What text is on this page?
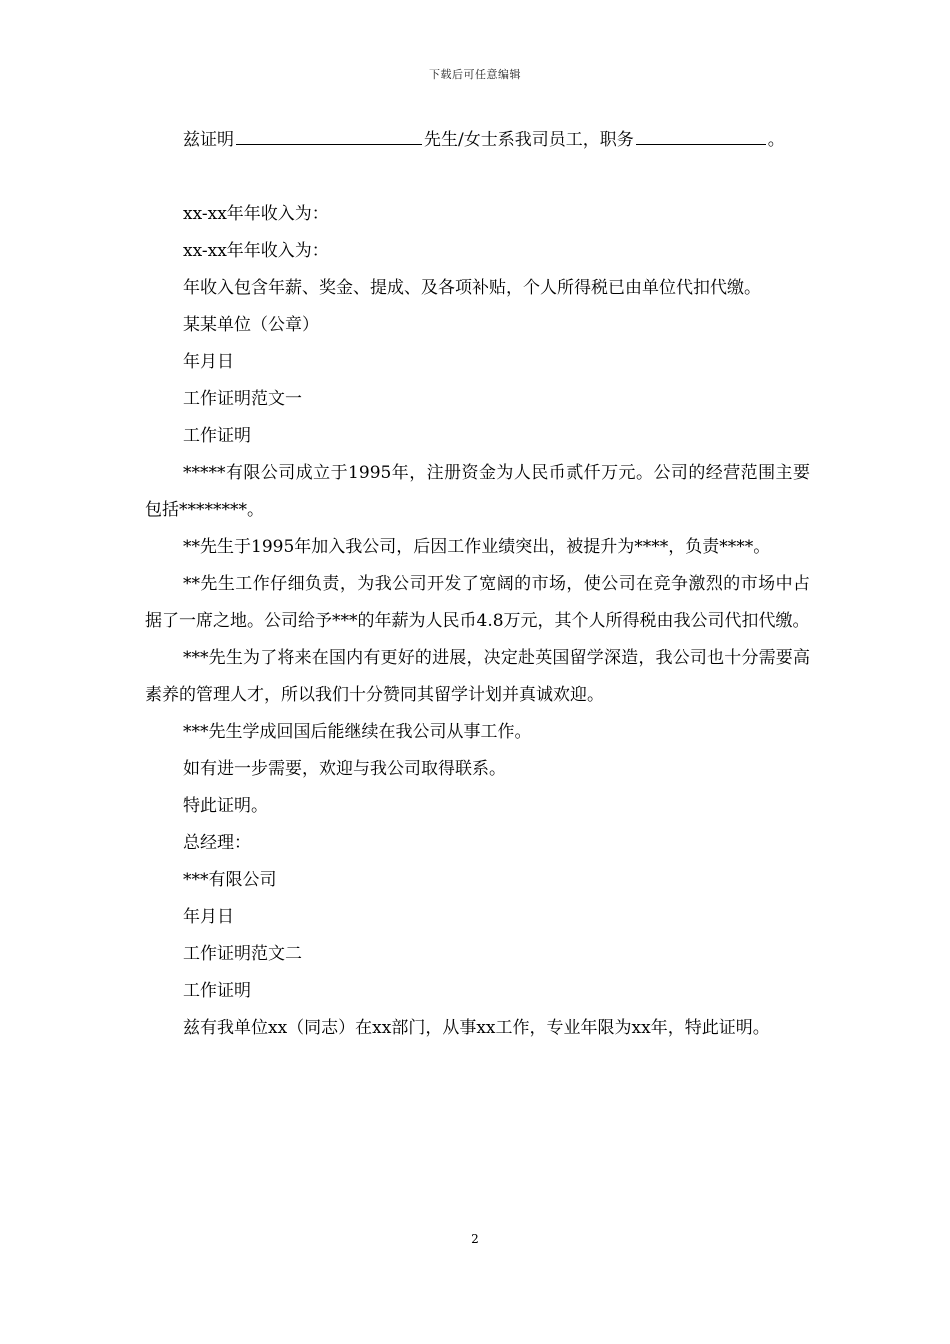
下载后可任意编辑

兹证明	先生/女士系我司员工，职务	。

xx-xx年年收入为：

xx-xx年年收入为：

年收入包含年薪、奖金、提成、及各项补贴，个人所得税已由单位代扣代缴。

某某单位（公章）

年月日

工作证明范文一

工作证明

*****有限公司成立于1995年，注册资金为人民币贰仟万元。公司的经营范围主要包括********。

**先生于1995年加入我公司，后因工作业绩突出，被提升为****，负责****。

**先生工作仔细负责，为我公司开发了宽阔的市场，使公司在竞争激烈的市场中占据了一席之地。公司给予***的年薪为人民币4.8万元，其个人所得税由我公司代扣代缴。

***先生为了将来在国内有更好的进展，决定赴英国留学深造，我公司也十分需要高素养的管理人才，所以我们十分赞同其留学计划并真诚欢迎。

***先生学成回国后能继续在我公司从事工作。

如有进一步需要，欢迎与我公司取得联系。

特此证明。

总经理：

***有限公司

年月日

工作证明范文二

工作证明

兹有我单位xx（同志）在xx部门，从事xx工作，专业年限为xx年，特此证明。

2
